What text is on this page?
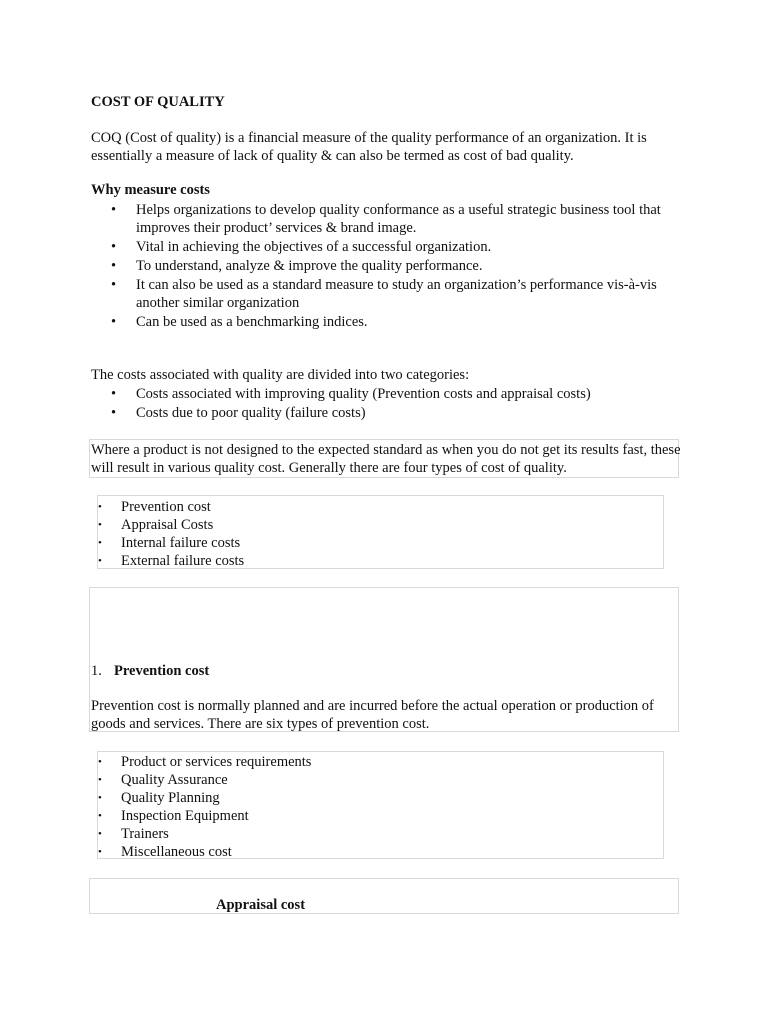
COST OF QUALITY
COQ (Cost of quality) is a financial measure of the quality performance of an organization. It is essentially a measure of lack of quality & can also be termed as cost of bad quality.
Why measure costs
• Helps organizations to develop quality conformance as a useful strategic business tool that improves their product’ services & brand image.
• Vital in achieving the objectives of a successful organization.
• To understand, analyze & improve the quality performance.
• It can also be used as a standard measure to study an organization’s performance vis-à-vis another similar organization
• Can be used as a benchmarking indices.
The costs associated with quality are divided into two categories:
• Costs associated with improving quality (Prevention costs and appraisal costs)
• Costs due to poor quality (failure costs)
Where a product is not designed to the expected standard as when you do not get its results fast, these will result in various quality cost. Generally there are four types of cost of quality.
• Prevention cost
• Appraisal Costs
• Internal failure costs
• External failure costs
1. Prevention cost
Prevention cost is normally planned and are incurred before the actual operation or production of goods and services. There are six types of prevention cost.
• Product or services requirements
• Quality Assurance
• Quality Planning
• Inspection Equipment
• Trainers
• Miscellaneous cost
Appraisal cost
